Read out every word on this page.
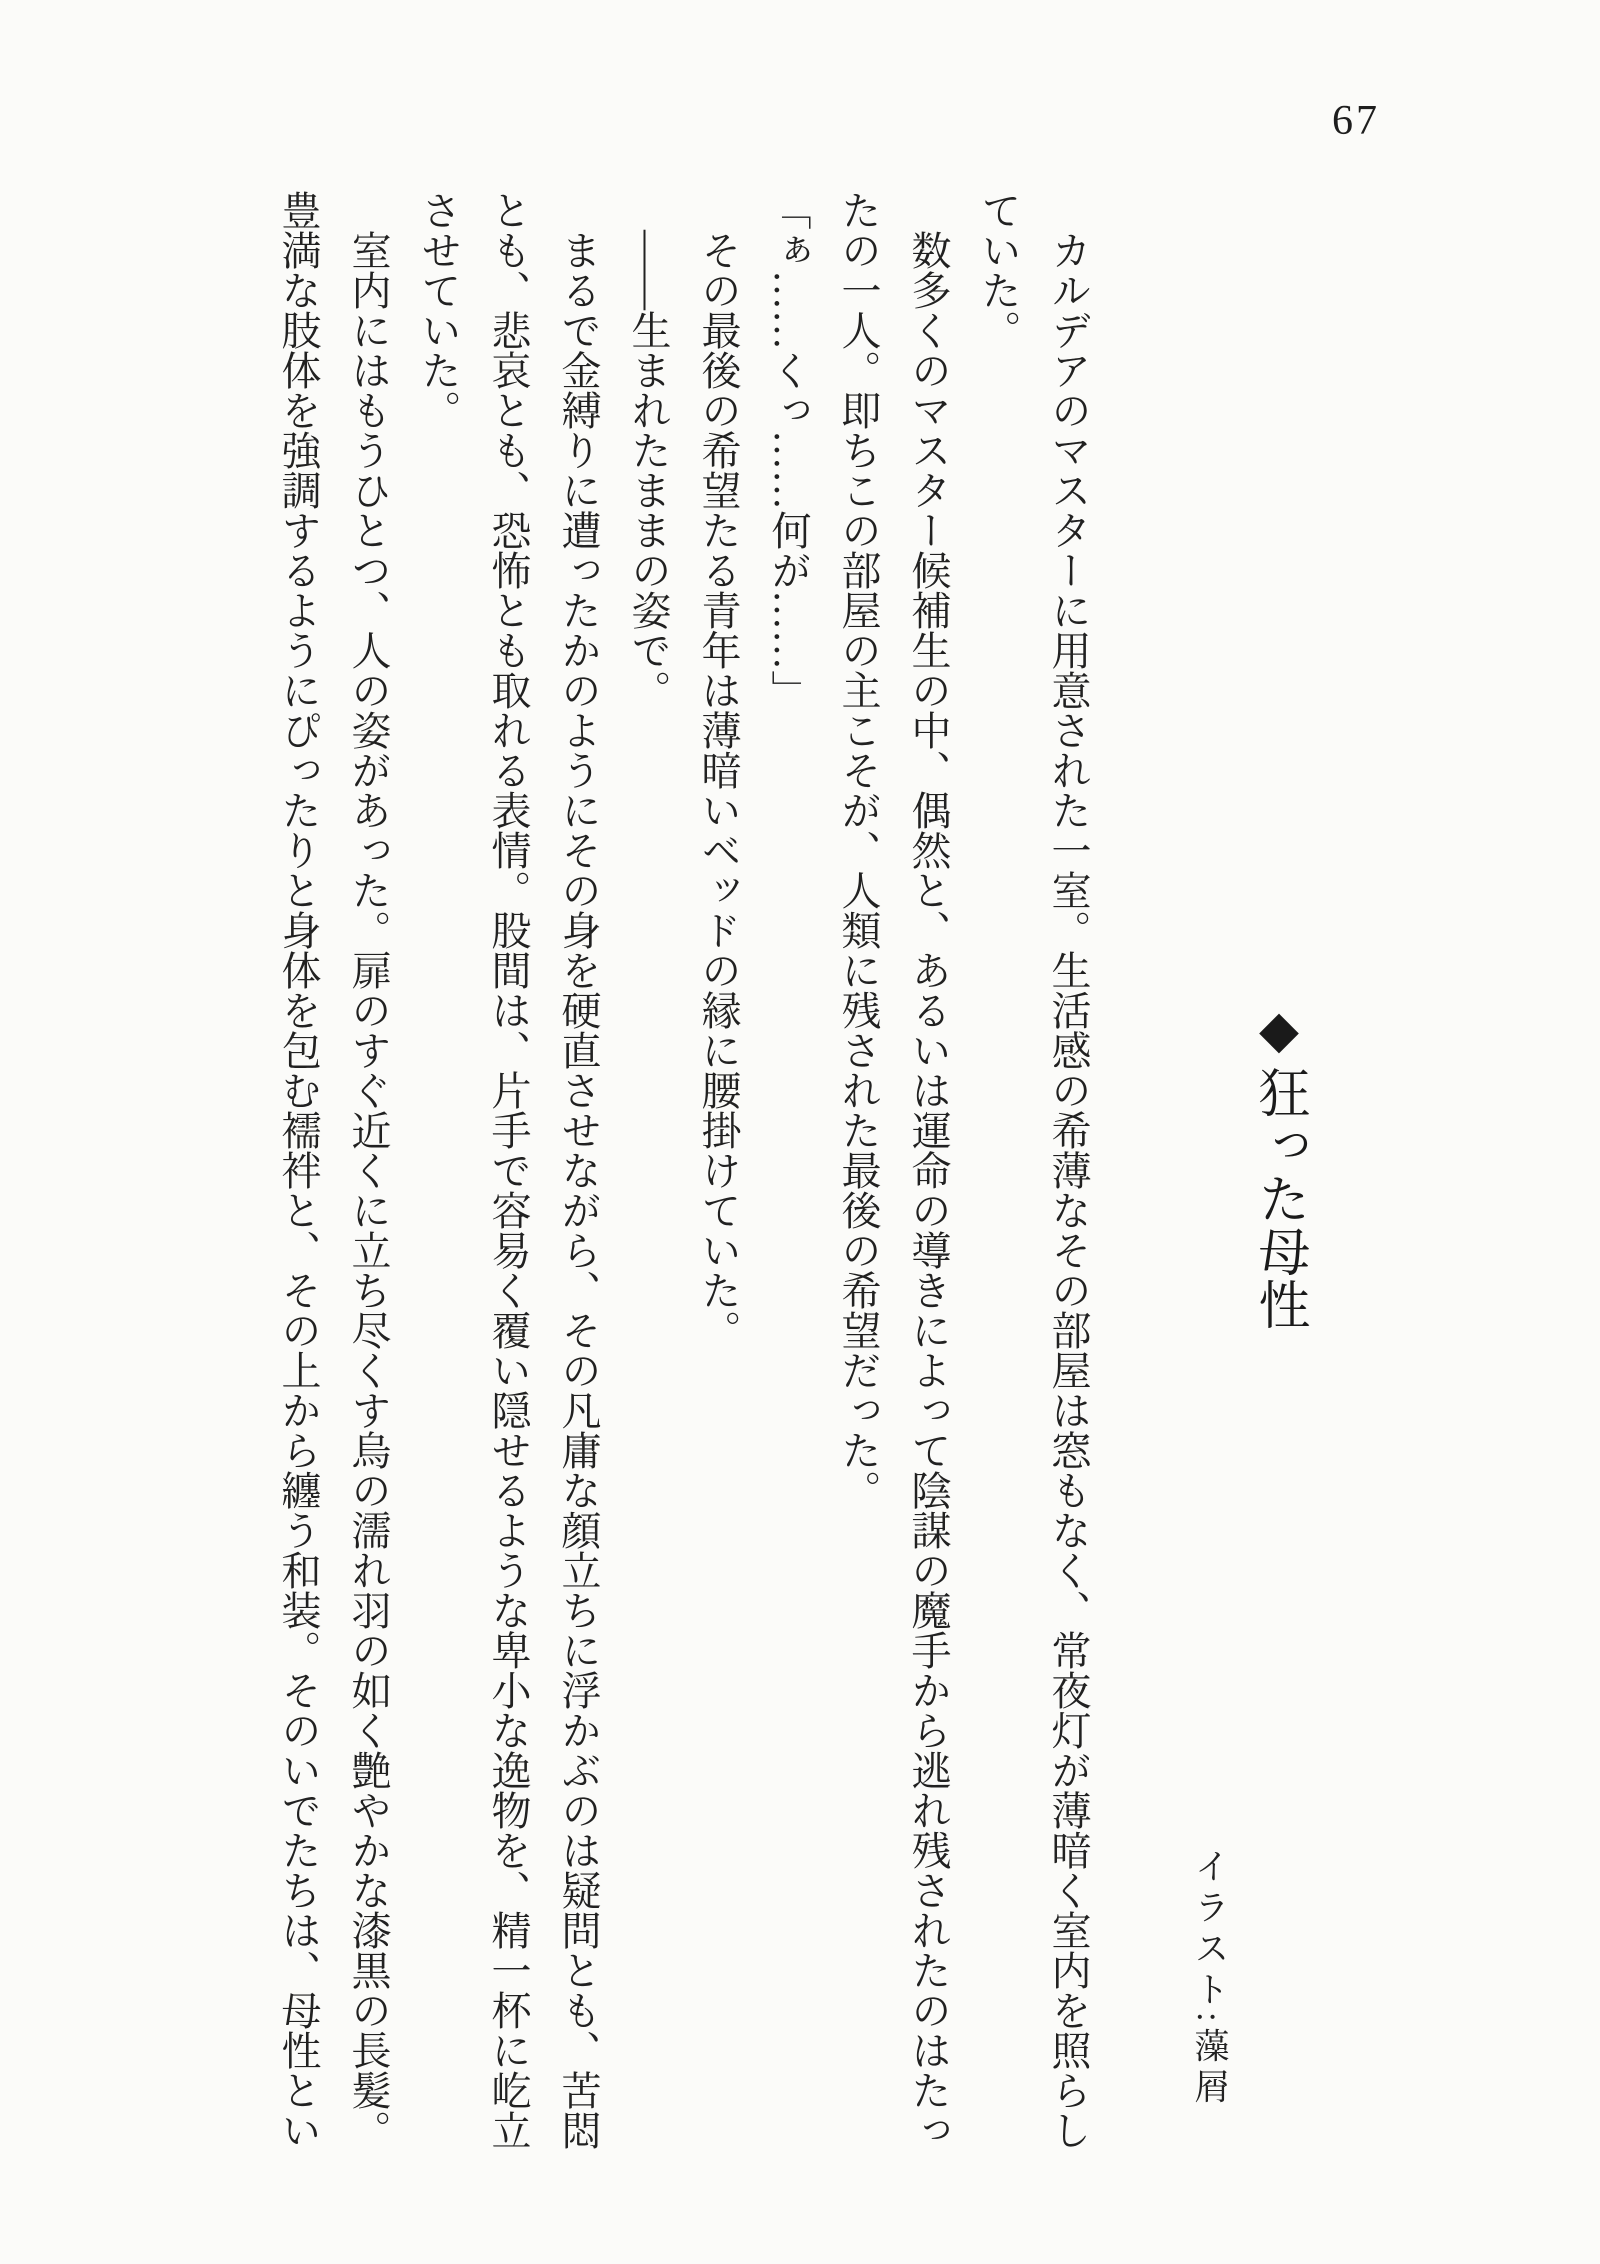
67
◆狂った母性
イラスト:藻屑
カルデアのマスターに用意された一室。生活感の希薄なその部屋は窓もなく、常夜灯が薄暗く室内を照らし
ていた。
数多くのマスター候補生の中、偶然と、あるいは運命の導きによって陰謀の魔手から逃れ残されたのはたっ
たの一人。即ちこの部屋の主こそが、人類に残された最後の希望だった。
「ぁ……くっ……何が……」
その最後の希望たる青年は薄暗いベッドの縁に腰掛けていた。
――生まれたままの姿で。
まるで金縛りに遭ったかのようにその身を硬直させながら、その凡庸な顔立ちに浮かぶのは疑問とも、苦悶
とも、悲哀とも、恐怖とも取れる表情。股間は、片手で容易く覆い隠せるような卑小な逸物を、精一杯に屹立
させていた。
室内にはもうひとつ、人の姿があった。扉のすぐ近くに立ち尽くす烏の濡れ羽の如く艶やかな漆黒の長髪。
豊満な肢体を強調するようにぴったりと身体を包む襦袢と、その上から纏う和装。そのいでたちは、母性とい
